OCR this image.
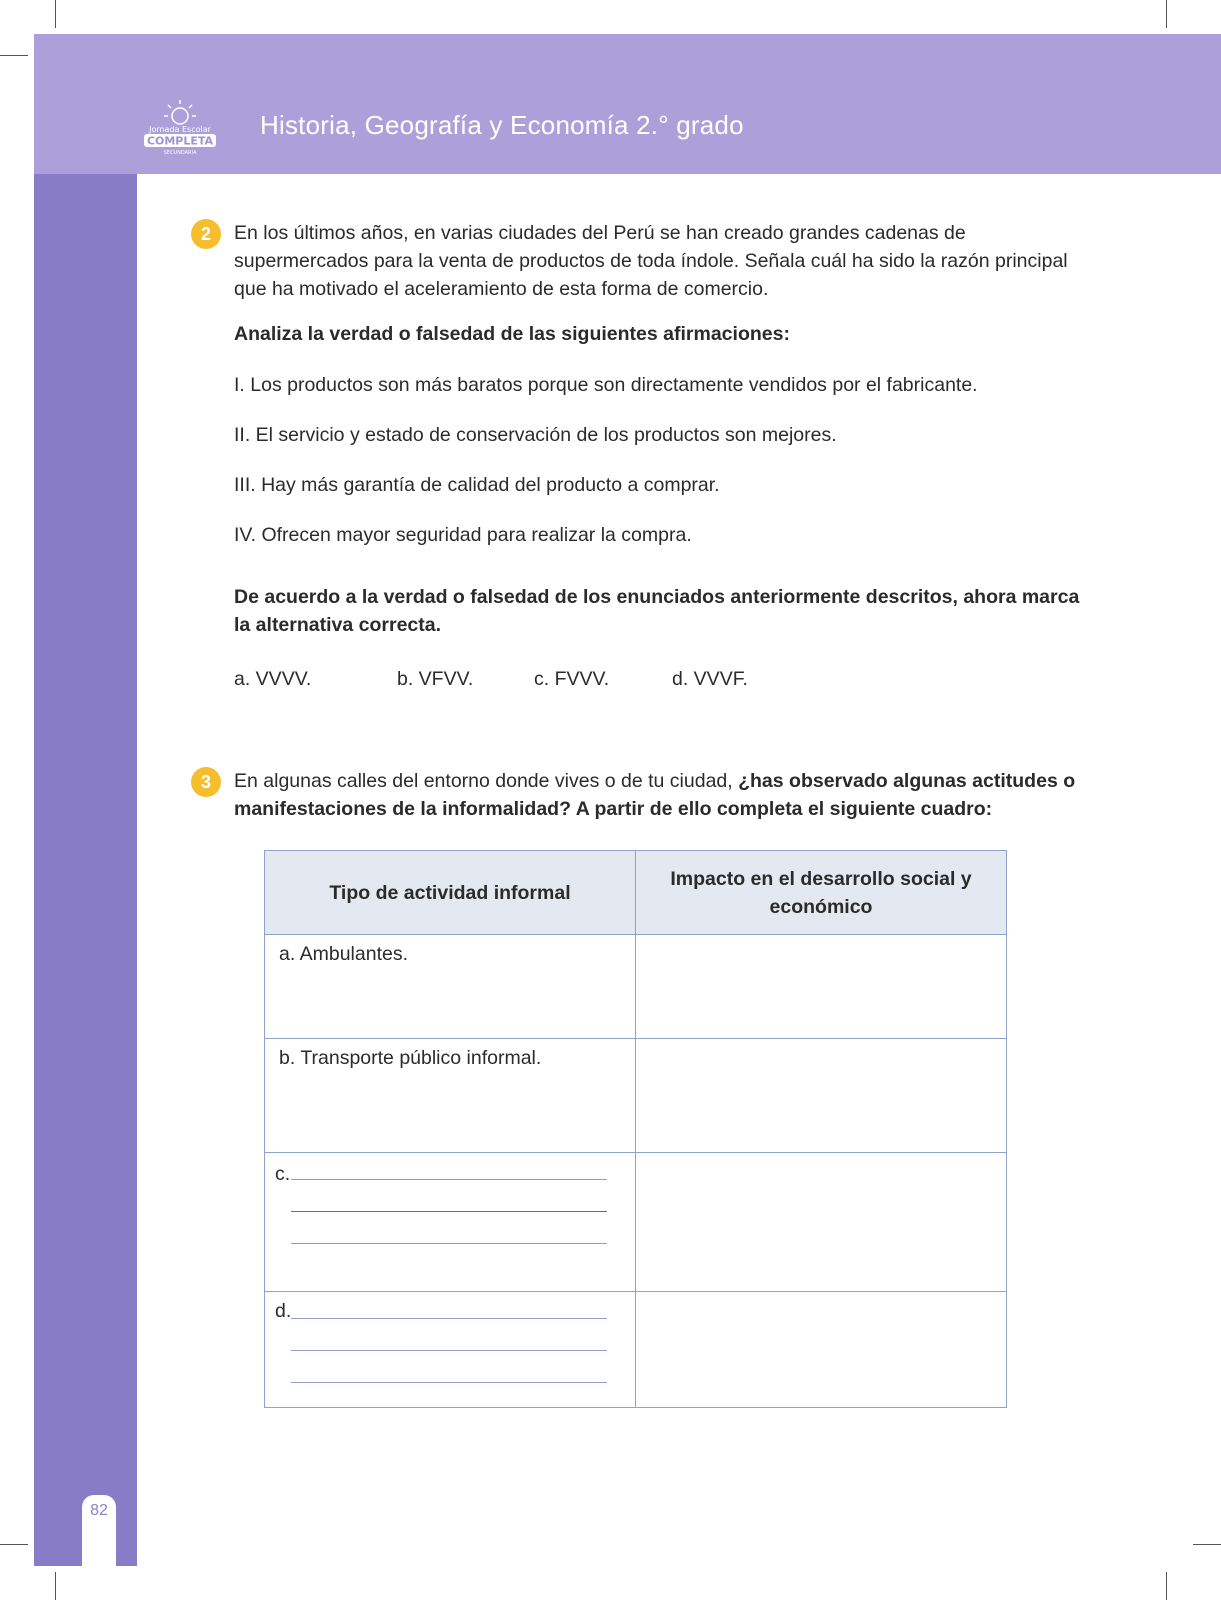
Jornada Escolar
COMPLETA
SECUNDARIA
Historia, Geografía y Economía 2.° grado
82
2	En los últimos años, en varias ciudades del Perú se han creado grandes cadenas de supermercados para la venta de productos de toda índole. Señala cuál ha sido la razón principal que ha motivado el aceleramiento de esta forma de comercio.
Analiza la verdad o falsedad de las siguientes afirmaciones:
I. Los productos son más baratos porque son directamente vendidos por el fabricante.
II. El servicio y estado de conservación de los productos son mejores.
III. Hay más garantía de calidad del producto a comprar.
IV. Ofrecen mayor seguridad para realizar la compra.
De acuerdo a la verdad o falsedad de los enunciados anteriormente descritos, ahora marca la alternativa correcta.
a. VVVV.	b. VFVV.	c. FVVV.	d. VVVF.
3	En algunas calles del entorno donde vives o de tu ciudad, ¿has observado algunas actitudes o manifestaciones de la informalidad? A partir de ello completa el siguiente cuadro:
Tipo de actividad informal	Impacto en el desarrollo social y económico
a. Ambulantes.	
b. Transporte público informal.	

c.	

d.	
